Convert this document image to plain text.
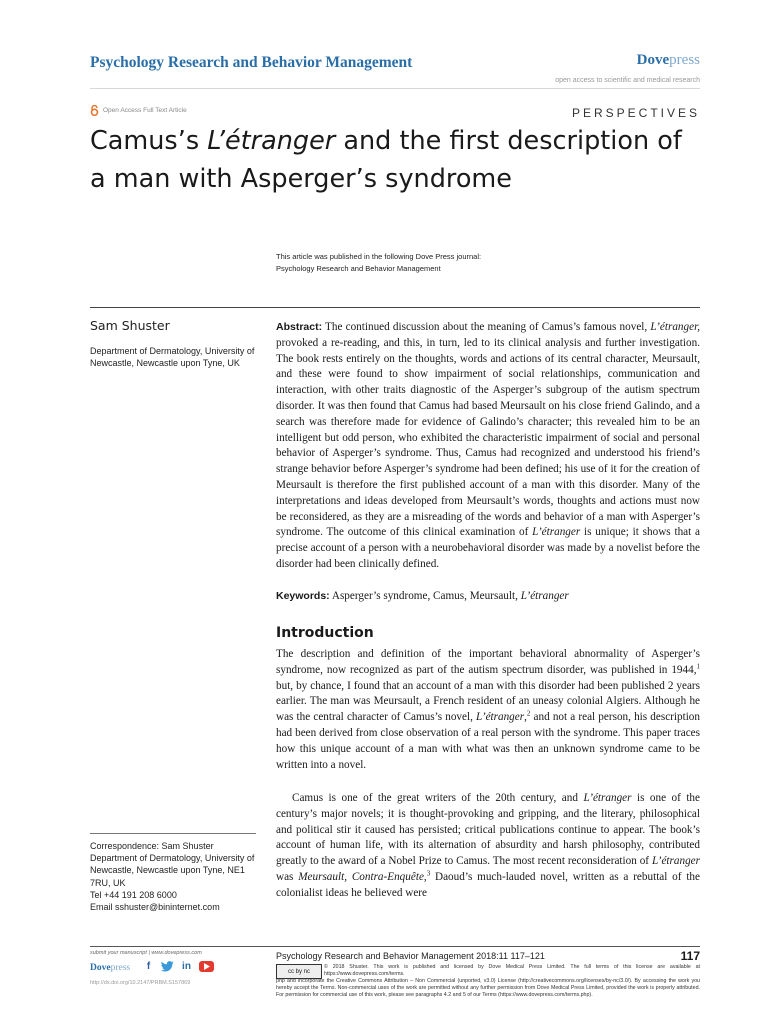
Psychology Research and Behavior Management	Dovepress
open access to scientific and medical research
Open Access Full Text Article	PERSPECTIVES
Camus’s L’étranger and the first description of a man with Asperger’s syndrome
This article was published in the following Dove Press journal:
Psychology Research and Behavior Management
Sam Shuster
Department of Dermatology, University of Newcastle, Newcastle upon Tyne, UK
Abstract: The continued discussion about the meaning of Camus’s famous novel, L’étranger, provoked a re-reading, and this, in turn, led to its clinical analysis and further investigation. The book rests entirely on the thoughts, words and actions of its central character, Meursault, and these were found to show impairment of social relationships, communication and interaction, with other traits diagnostic of the Asperger’s subgroup of the autism spectrum disorder. It was then found that Camus had based Meursault on his close friend Galindo, and a search was therefore made for evidence of Galindo’s character; this revealed him to be an intelligent but odd person, who exhibited the characteristic impairment of social and personal behavior of Asperger’s syndrome. Thus, Camus had recognized and understood his friend’s strange behavior before Asperger’s syndrome had been defined; his use of it for the creation of Meursault is therefore the first published account of a man with this disorder. Many of the interpretations and ideas developed from Meursault’s words, thoughts and actions must now be reconsidered, as they are a misreading of the words and behavior of a man with Asperger’s syndrome. The outcome of this clinical examination of L’étranger is unique; it shows that a precise account of a person with a neurobehavioral disorder was made by a novelist before the disorder had been clinically defined.
Keywords: Asperger’s syndrome, Camus, Meursault, L’étranger
Introduction
The description and definition of the important behavioral abnormality of Asperger’s syndrome, now recognized as part of the autism spectrum disorder, was published in 1944,$^1$ but, by chance, I found that an account of a man with this disorder had been published 2 years earlier. The man was Meursault, a French resident of an uneasy colonial Algiers. Although he was the central character of Camus’s novel, L’étranger,$^2$ and not a real person, his description had been derived from close observation of a real person with the syndrome. This paper traces how this unique account of a man with what was then an unknown syndrome came to be written into a novel.
Camus is one of the great writers of the 20th century, and L’étranger is one of the century’s major novels; it is thought-provoking and gripping, and the literary, philosophical and political stir it caused has persisted; critical publications continue to appear. The book’s account of human life, with its alternation of absurdity and harsh philosophy, contributed greatly to the award of a Nobel Prize to Camus. The most recent reconsideration of L’étranger was Meursault, Contra-Enquête,$^3$ Daoud’s much-lauded novel, written as a rebuttal of the colonialist ideas he believed were
Correspondence: Sam Shuster
Department of Dermatology, University of Newcastle, Newcastle upon Tyne, NE1 7RU, UK
Tel +44 191 208 6000
Email sshuster@bininternet.com
submit your manuscript | www.dovepress.com
Dovepress	f	in
http://dx.doi.org/10.2147/PRBM.S157869
Psychology Research and Behavior Management 2018:11 117–121	117
cc by nc
© 2018 Shuster. This work is published and licensed by Dove Medical Press Limited. The full terms of this license are available at https://www.dovepress.com/terms.
php and incorporate the Creative Commons Attribution – Non Commercial (unported, v3.0) License (http://creativecommons.org/licenses/by-nc/3.0/). By accessing the work you hereby accept the Terms. Non-commercial uses of the work are permitted without any further permission from Dove Medical Press Limited, provided the work is properly attributed. For permission for commercial use of this work, please see paragraphs 4.2 and 5 of our Terms (https://www.dovepress.com/terms.php).
